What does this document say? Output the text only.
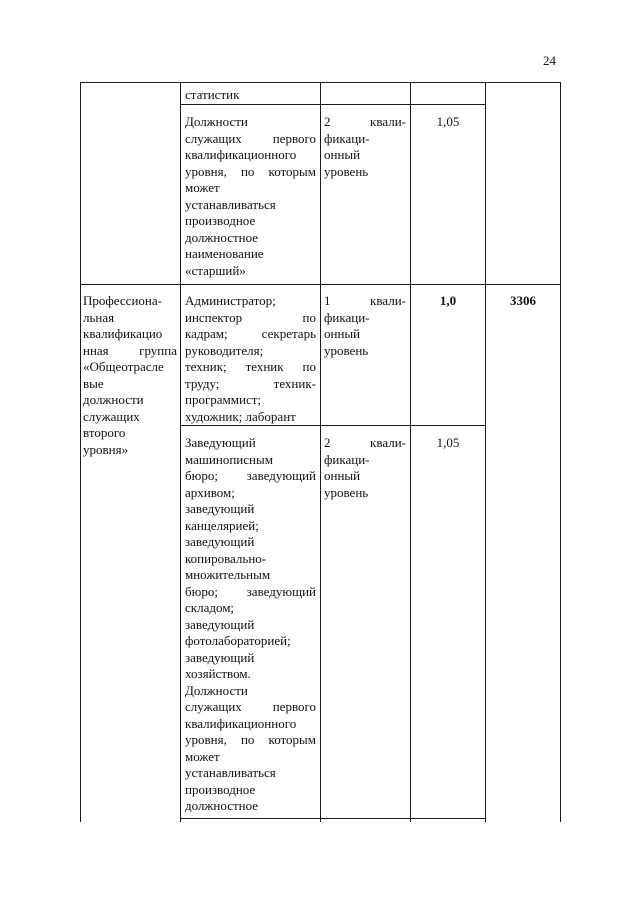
24
статистик
Должности
служащих первого
квалификационного
уровня, по которым
может
устанавливаться
производное
должностное
наименование
«старший»
2 квали-
фикаци-
онный
уровень
1,05
Профессиона-
льная
квалификацио
нная группа
«Общеотрасле
вые
должности
служащих
второго
уровня»
Администратор;
инспектор по
кадрам; секретарь
руководителя;
техник; техник по
труду; техник-
программист;
художник; лаборант
1 квали-
фикаци-
онный
уровень
1,0	3306
Заведующий
машинописным
бюро; заведующий
архивом;
заведующий
канцелярией;
заведующий
копировально-
множительным
бюро; заведующий
складом;
заведующий
фотолабораторией;
заведующий
хозяйством.
Должности
служащих первого
квалификационного
уровня, по которым
может
устанавливаться
производное
должностное
2 квали-
фикаци-
онный
уровень
1,05
